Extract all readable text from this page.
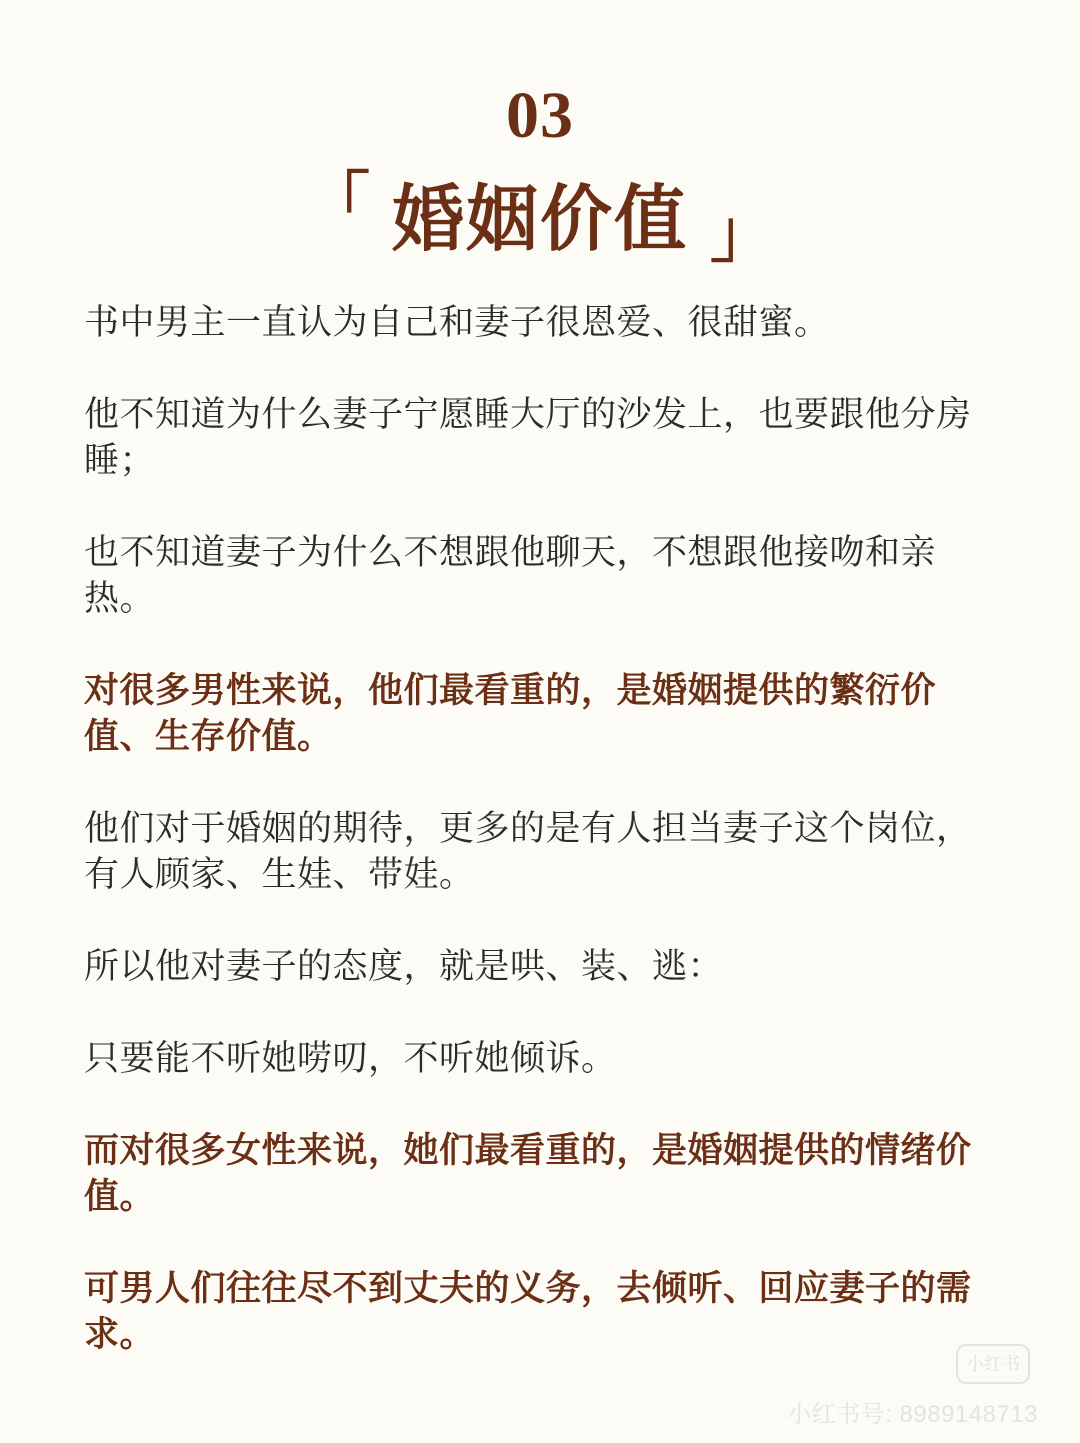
03
「 婚姻价值 」

书中男主一直认为自己和妻子很恩爱、很甜蜜。

他不知道为什么妻子宁愿睡大厅的沙发上，也要跟他分房睡；

也不知道妻子为什么不想跟他聊天，不想跟他接吻和亲热。

对很多男性来说，他们最看重的，是婚姻提供的繁衍价值、生存价值。

他们对于婚姻的期待，更多的是有人担当妻子这个岗位，有人顾家、生娃、带娃。

所以他对妻子的态度，就是哄、装、逃：

只要能不听她唠叨，不听她倾诉。

而对很多女性来说，她们最看重的，是婚姻提供的情绪价值。

可男人们往往尽不到丈夫的义务，去倾听、回应妻子的需求。

小红书
小红书号: 8989148713
